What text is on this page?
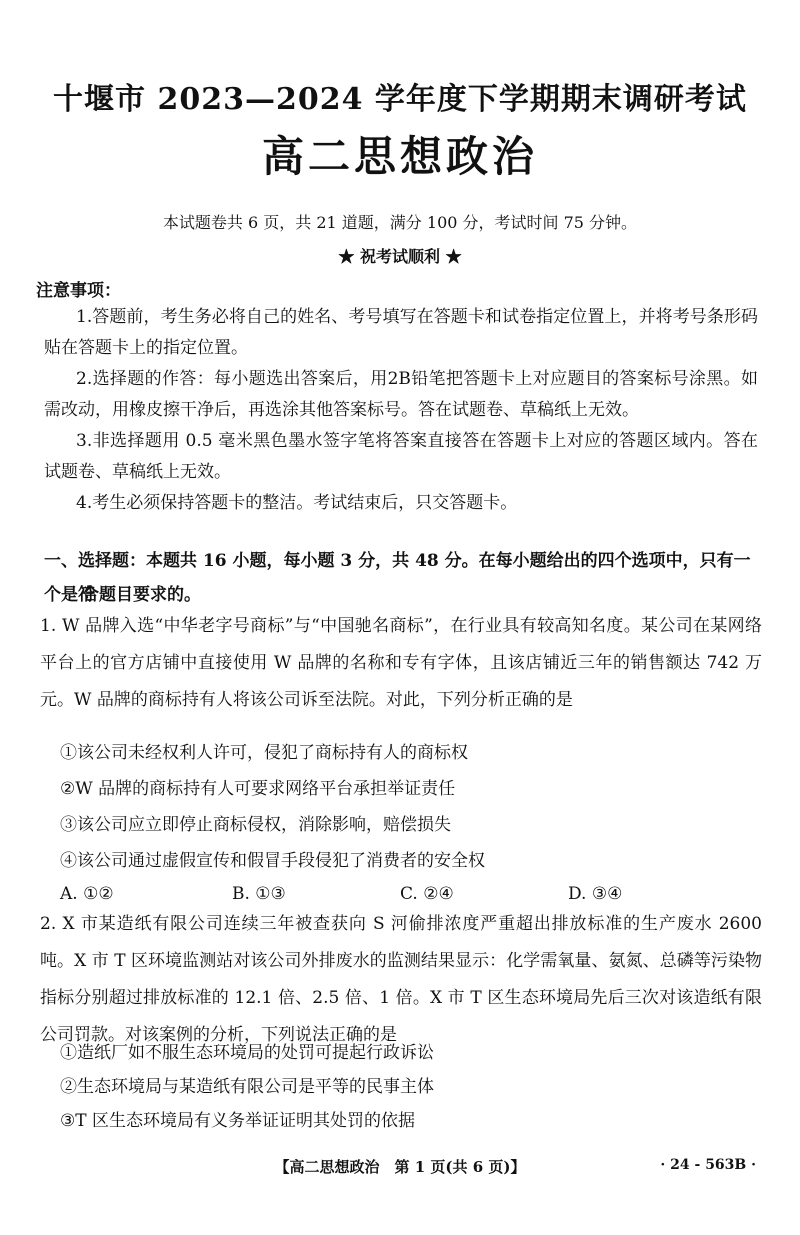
十堰市 2023—2024 学年度下学期期末调研考试
高二思想政治
本试题卷共 6 页，共 21 道题，满分 100 分，考试时间 75 分钟。
★ 祝考试顺利 ★
注意事项：
1.答题前，考生务必将自己的姓名、考号填写在答题卡和试卷指定位置上，并将考号条形码贴在答题卡上的指定位置。
2.选择题的作答：每小题选出答案后，用2B铅笔把答题卡上对应题目的答案标号涂黑。如需改动，用橡皮擦干净后，再选涂其他答案标号。答在试题卷、草稿纸上无效。
3.非选择题用 0.5 毫米黑色墨水签字笔将答案直接答在答题卡上对应的答题区域内。答在试题卷、草稿纸上无效。
4.考生必须保持答题卡的整洁。考试结束后，只交答题卡。
一、选择题：本题共 16 小题，每小题 3 分，共 48 分。在每小题给出的四个选项中，只有一个是符
合题目要求的。
1. W 品牌入选“中华老字号商标”与“中国驰名商标”，在行业具有较高知名度。某公司在某网络平台上的官方店铺中直接使用 W 品牌的名称和专有字体，且该店铺近三年的销售额达 742 万元。W 品牌的商标持有人将该公司诉至法院。对此，下列分析正确的是
①该公司未经权利人许可，侵犯了商标持有人的商标权
②W 品牌的商标持有人可要求网络平台承担举证责任
③该公司应立即停止商标侵权，消除影响，赔偿损失
④该公司通过虚假宣传和假冒手段侵犯了消费者的安全权
A. ①②	B. ①③	C. ②④	D. ③④
2. X 市某造纸有限公司连续三年被查获向 S 河偷排浓度严重超出排放标准的生产废水 2600 吨。X 市 T 区环境监测站对该公司外排废水的监测结果显示：化学需氧量、氨氮、总磷等污染物指标分别超过排放标准的 12.1 倍、2.5 倍、1 倍。X 市 T 区生态环境局先后三次对该造纸有限公司罚款。对该案例的分析，下列说法正确的是
①造纸厂如不服生态环境局的处罚可提起行政诉讼
②生态环境局与某造纸有限公司是平等的民事主体
③T 区生态环境局有义务举证证明其处罚的依据
【高二思想政治　第 1 页(共 6 页)】	· 24 - 563B ·
